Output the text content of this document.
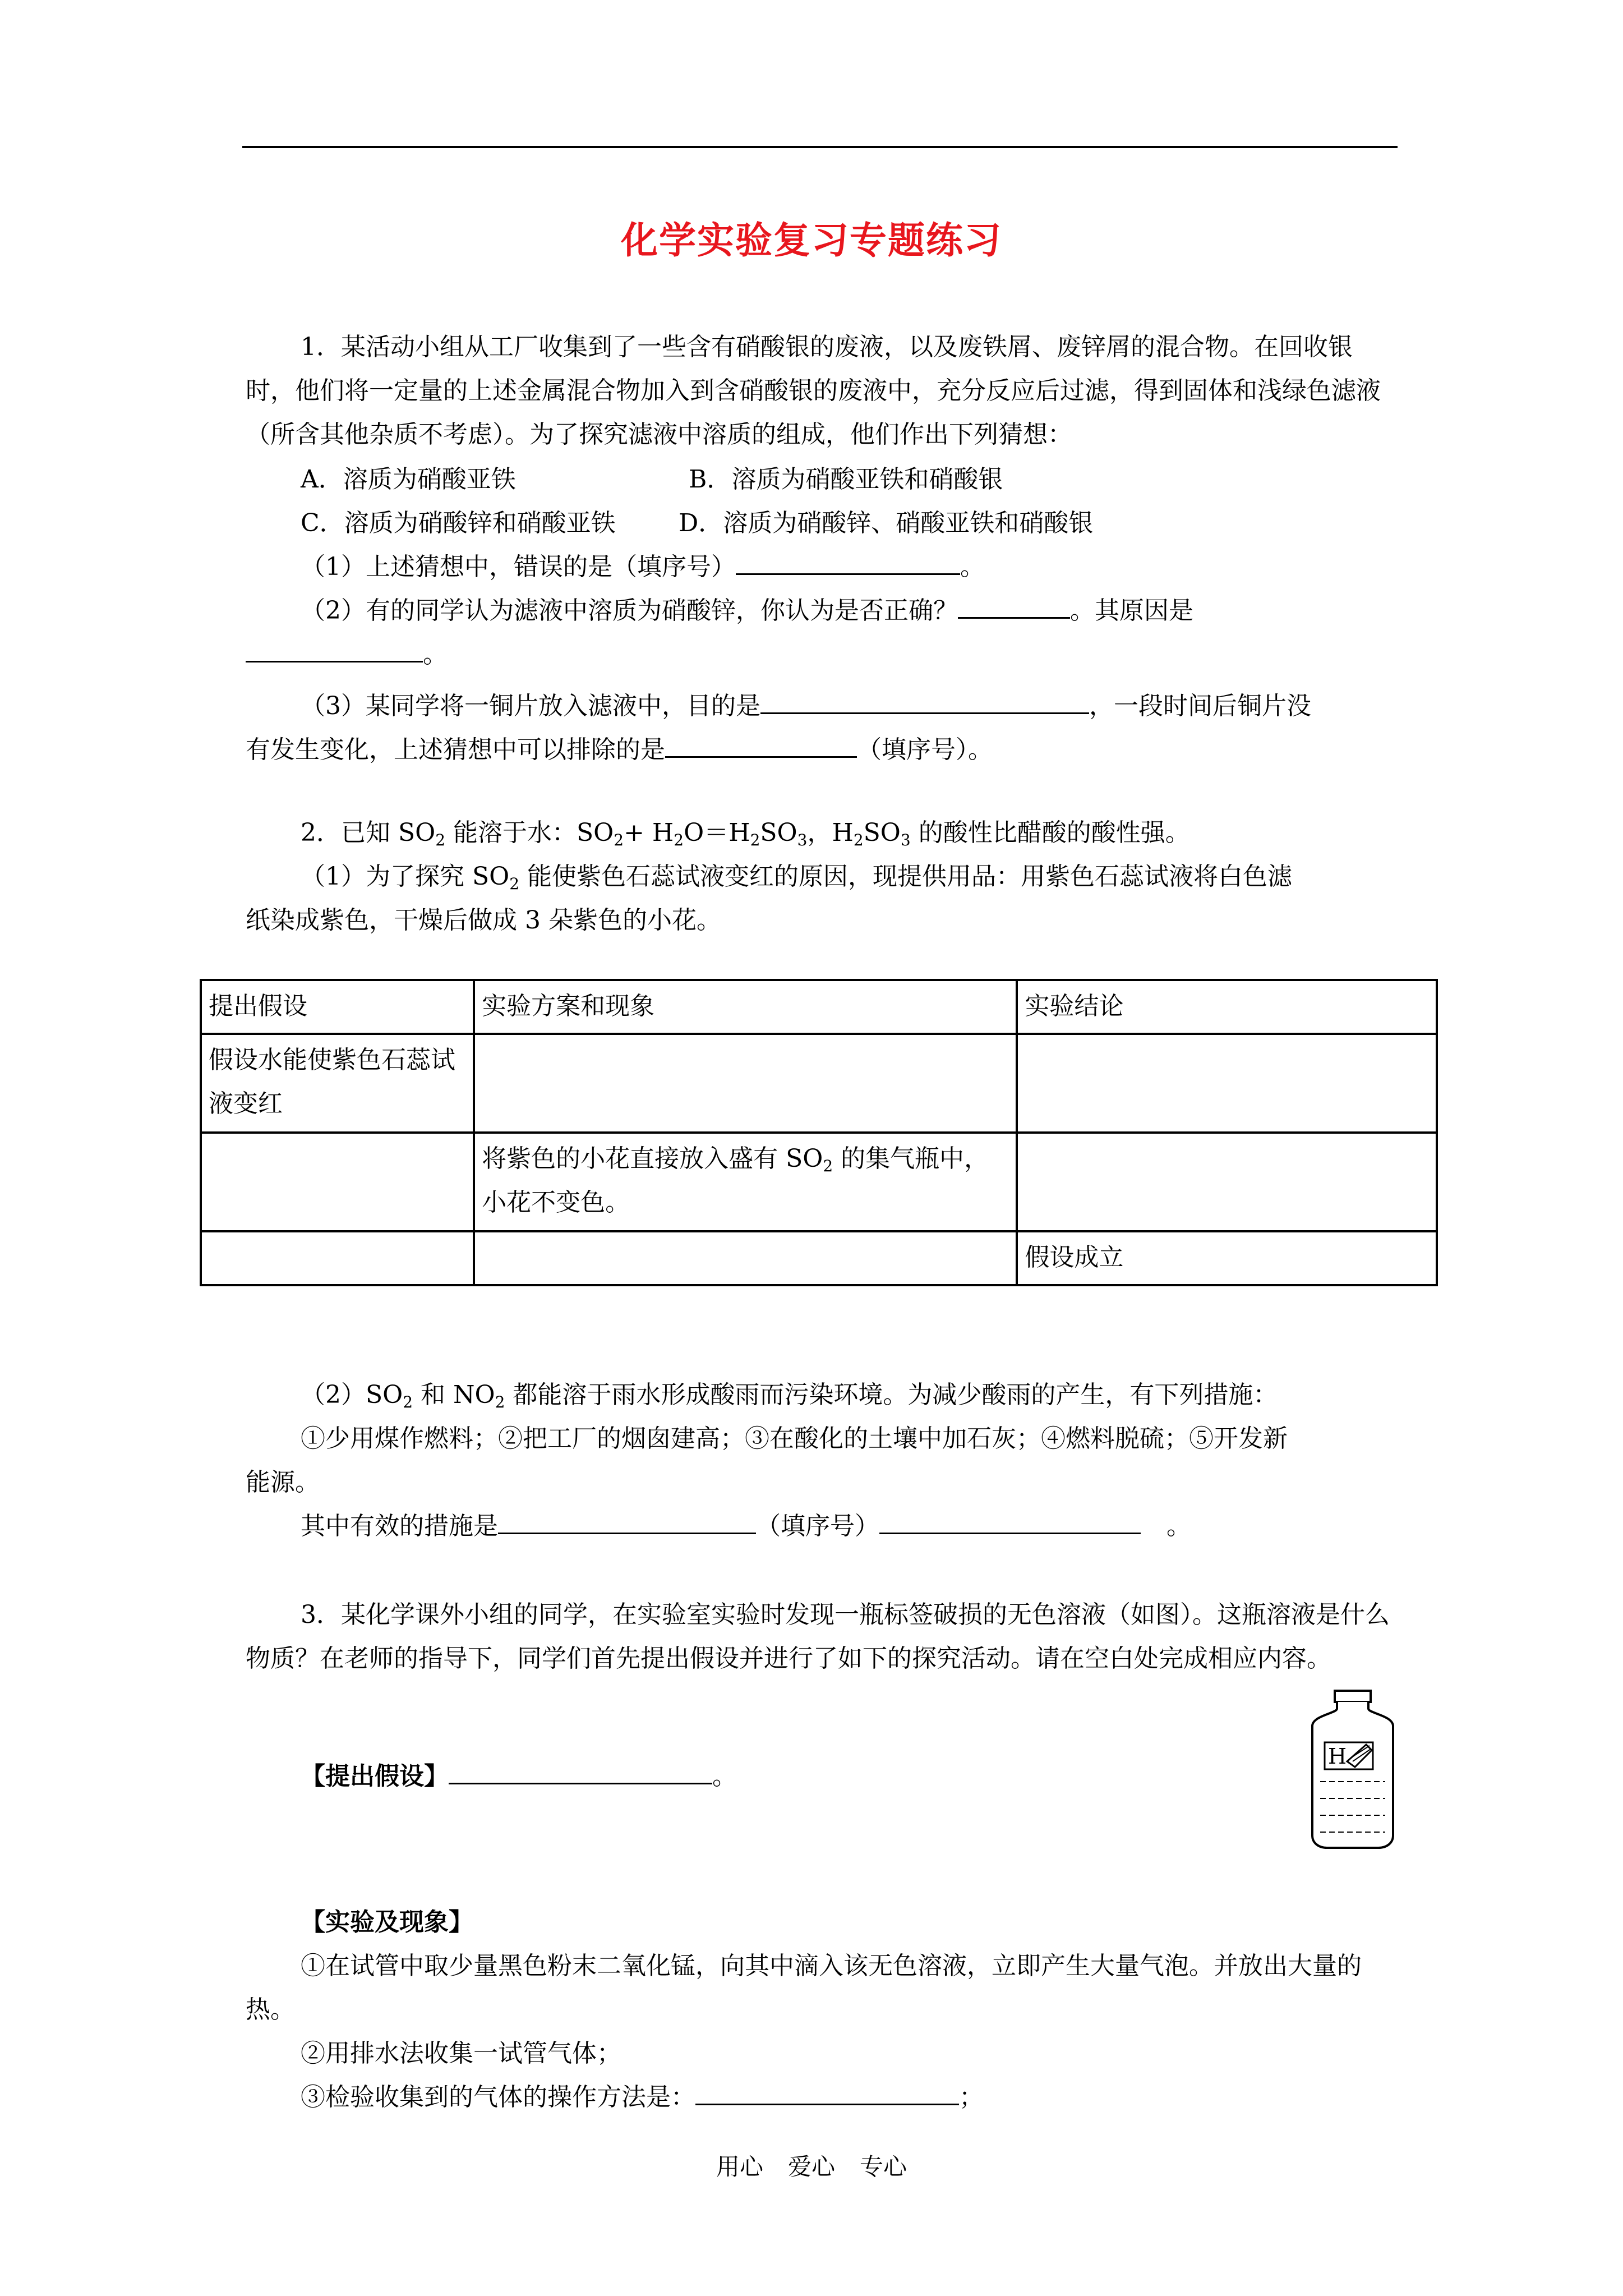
化学实验复习专题练习
1．某活动小组从工厂收集到了一些含有硝酸银的废液，以及废铁屑、废锌屑的混合物。在回收银时，他们将一定量的上述金属混合物加入到含硝酸银的废液中，充分反应后过滤，得到固体和浅绿色滤液（所含其他杂质不考虑）。为了探究滤液中溶质的组成，他们作出下列猜想：
A．溶质为硝酸亚铁	B．溶质为硝酸亚铁和硝酸银
C．溶质为硝酸锌和硝酸亚铁	D．溶质为硝酸锌、硝酸亚铁和硝酸银
（1）上述猜想中，错误的是（填序号）	。
（2）有的同学认为滤液中溶质为硝酸锌，你认为是否正确？	。其原因是
。
（3）某同学将一铜片放入滤液中，目的是	，一段时间后铜片没
有发生变化，上述猜想中可以排除的是	（填序号）。
2．已知 $SO_2$ 能溶于水：$SO_2+ H_2O=H_2SO_3$，$H_2SO_3$ 的酸性比醋酸的酸性强。
（1）为了探究 $SO_2$ 能使紫色石蕊试液变红的原因，现提供用品：用紫色石蕊试液将白色滤
纸染成紫色，干燥后做成 3 朵紫色的小花。
提出假设	实验方案和现象	实验结论
假设水能使紫色石蕊试液变红		
	将紫色的小花直接放入盛有 $SO_2$ 的集气瓶中，小花不变色。	
		假设成立
$(2)SO_2$ 和 $NO_2$ 都能溶于雨水形成酸雨而污染环境。为减少酸雨的产生，有下列措施：
①少用煤作燃料；②把工厂的烟囱建高；③在酸化的土壤中加石灰；④燃料脱硫；⑤开发新
能源。
其中有效的措施是	（填序号）	。
3．某化学课外小组的同学，在实验室实验时发现一瓶标签破损的无色溶液（如图）。这瓶溶液是什么物质？在老师的指导下，同学们首先提出假设并进行了如下的探究活动。请在空白处完成相应内容。
【提出假设】	。
H
【实验及现象】
①在试管中取少量黑色粉末二氧化锰，向其中滴入该无色溶液，立即产生大量气泡。并放出大量的热。
②用排水法收集一试管气体；
③检验收集到的气体的操作方法是：	；
用心 爱心 专心
